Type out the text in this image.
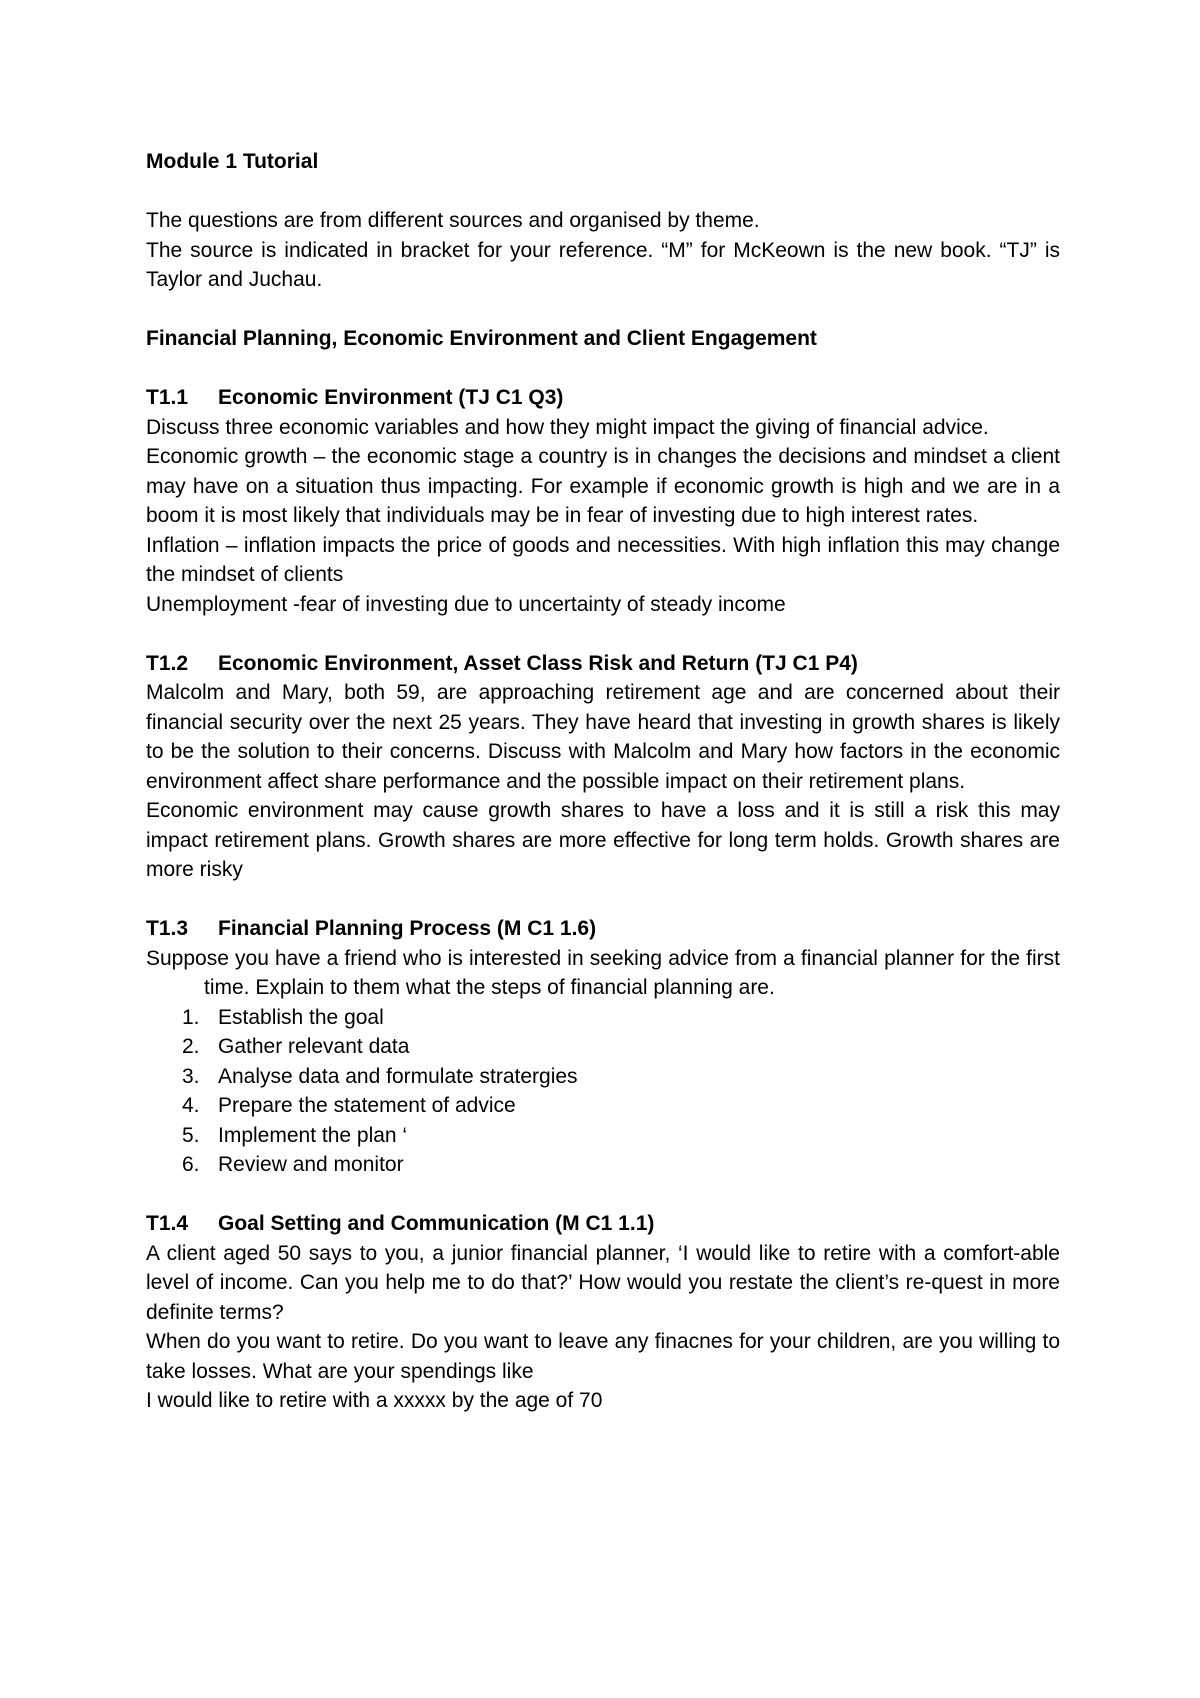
Module 1 Tutorial

The questions are from different sources and organised by theme.

The source is indicated in bracket for your reference. “M” for McKeown is the new book. “TJ” is Taylor and Juchau.

Financial Planning, Economic Environment and Client Engagement

T1.1	Economic Environment (TJ C1 Q3)

Discuss three economic variables and how they might impact the giving of financial advice.

Economic growth – the economic stage a country is in changes the decisions and mindset a client may have on a situation thus impacting. For example if economic growth is high and we are in a boom it is most likely that individuals may be in fear of investing due to high interest rates.

Inflation – inflation impacts the price of goods and necessities. With high inflation this may change the mindset of clients

Unemployment -fear of investing due to uncertainty of steady income

T1.2	Economic Environment, Asset Class Risk and Return (TJ C1 P4)

Malcolm and Mary, both 59, are approaching retirement age and are concerned about their financial security over the next 25 years. They have heard that investing in growth shares is likely to be the solution to their concerns. Discuss with Malcolm and Mary how factors in the economic environment affect share performance and the possible impact on their retirement plans.

Economic environment may cause growth shares to have a loss and it is still a risk this may impact retirement plans. Growth shares are more effective for long term holds. Growth shares are more risky

T1.3	Financial Planning Process (M C1 1.6)

Suppose you have a friend who is interested in seeking advice from a financial planner for the first time. Explain to them what the steps of financial planning are.

1. Establish the goal
2. Gather relevant data
3. Analyse data and formulate stratergies
4. Prepare the statement of advice
5. Implement the plan ‘
6. Review and monitor
T1.4	Goal Setting and Communication (M C1 1.1)

A client aged 50 says to you, a junior financial planner, ‘I would like to retire with a comfort-able level of income. Can you help me to do that?’ How would you restate the client’s re-quest in more definite terms?

When do you want to retire. Do you want to leave any finacnes for your children, are you willing to take losses. What are your spendings like

I would like to retire with a xxxxx by the age of 70
